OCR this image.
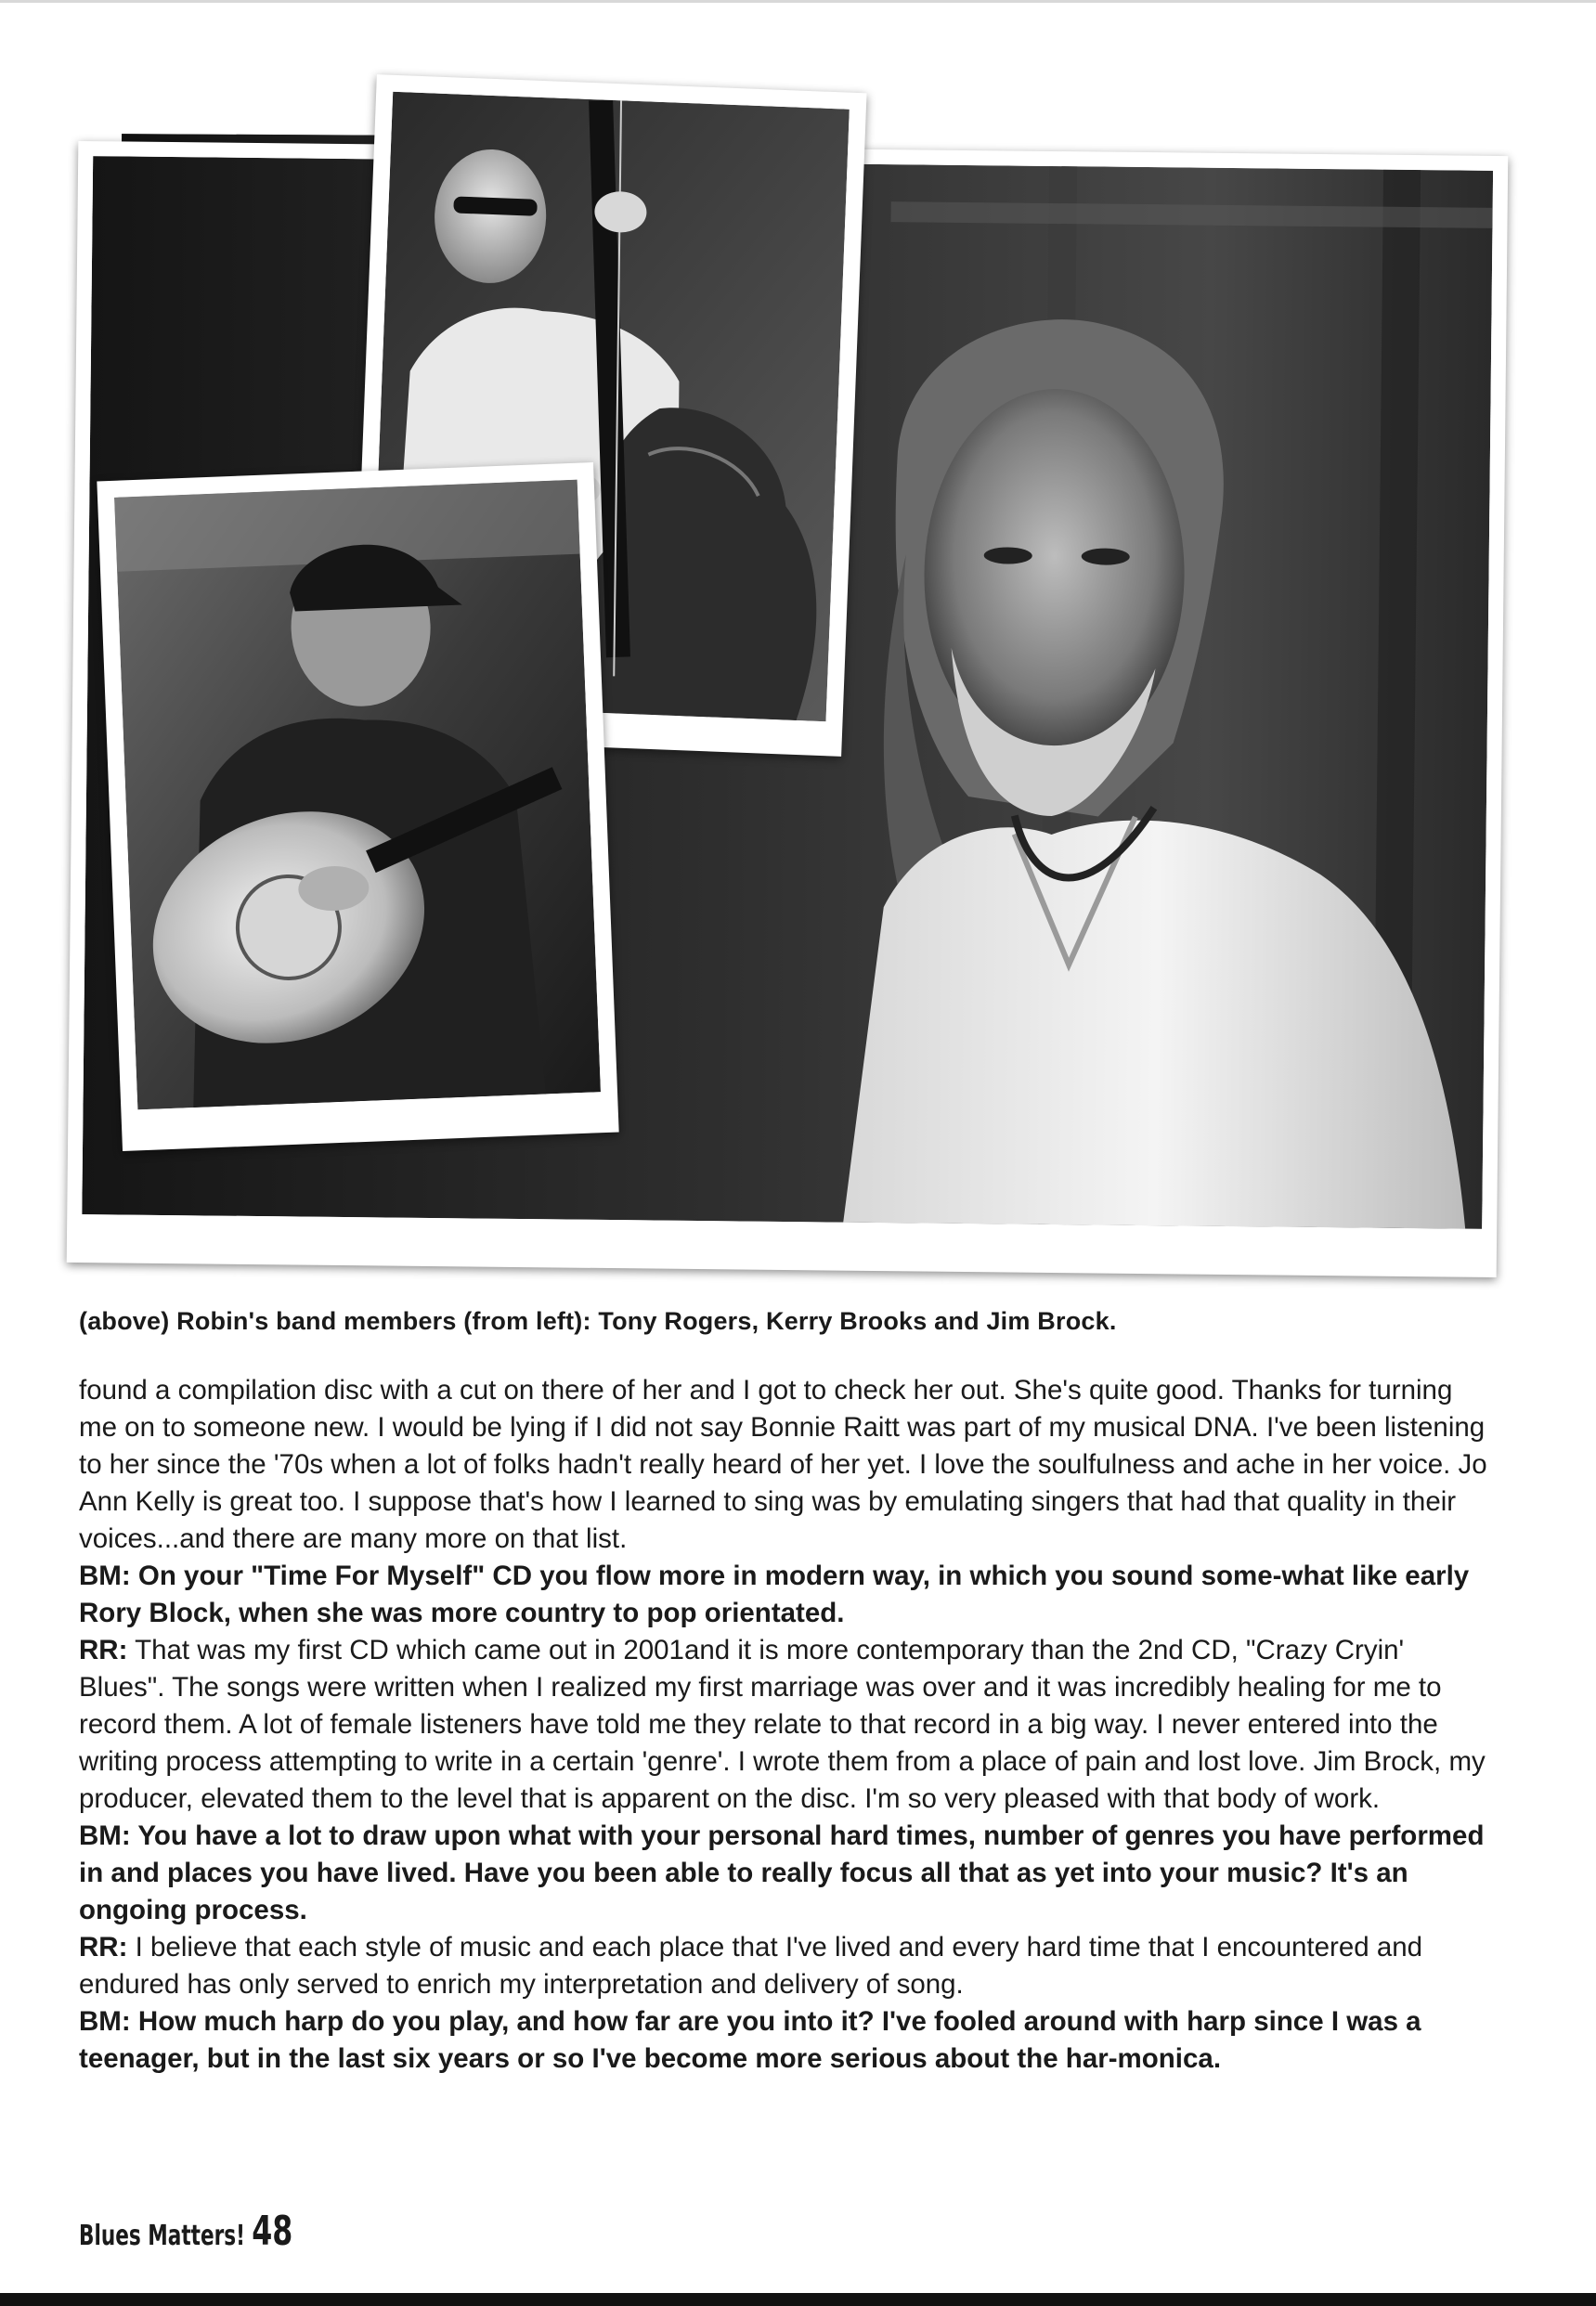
(above) Robin's band members (from left): Tony Rogers, Kerry Brooks and Jim Brock.

found a compilation disc with a cut on there of her and I got to check her out. She's quite good. Thanks for turning me on to someone new. I would be lying if I did not say Bonnie Raitt was part of my musical DNA. I've been listening to her since the '70s when a lot of folks hadn't really heard of her yet. I love the soulfulness and ache in her voice. Jo Ann Kelly is great too. I suppose that's how I learned to sing was by emulating singers that had that quality in their voices...and there are many more on that list.

BM: On your "Time For Myself" CD you flow more in modern way, in which you sound some-what like early Rory Block, when she was more country to pop orientated.

RR: That was my first CD which came out in 2001and it is more contemporary than the 2nd CD, "Crazy Cryin' Blues". The songs were written when I realized my first marriage was over and it was incredibly healing for me to record them. A lot of female listeners have told me they relate to that record in a big way. I never entered into the writing process attempting to write in a certain 'genre'. I wrote them from a place of pain and lost love. Jim Brock, my producer, elevated them to the level that is apparent on the disc. I'm so very pleased with that body of work.

BM: You have a lot to draw upon what with your personal hard times, number of genres you have performed in and places you have lived. Have you been able to really focus all that as yet into your music? It's an ongoing process.

RR: I believe that each style of music and each place that I've lived and every hard time that I encountered and endured has only served to enrich my interpretation and delivery of song.

BM: How much harp do you play, and how far are you into it? I've fooled around with harp since I was a teenager, but in the last six years or so I've become more serious about the har-monica.

Blues Matters! 48
